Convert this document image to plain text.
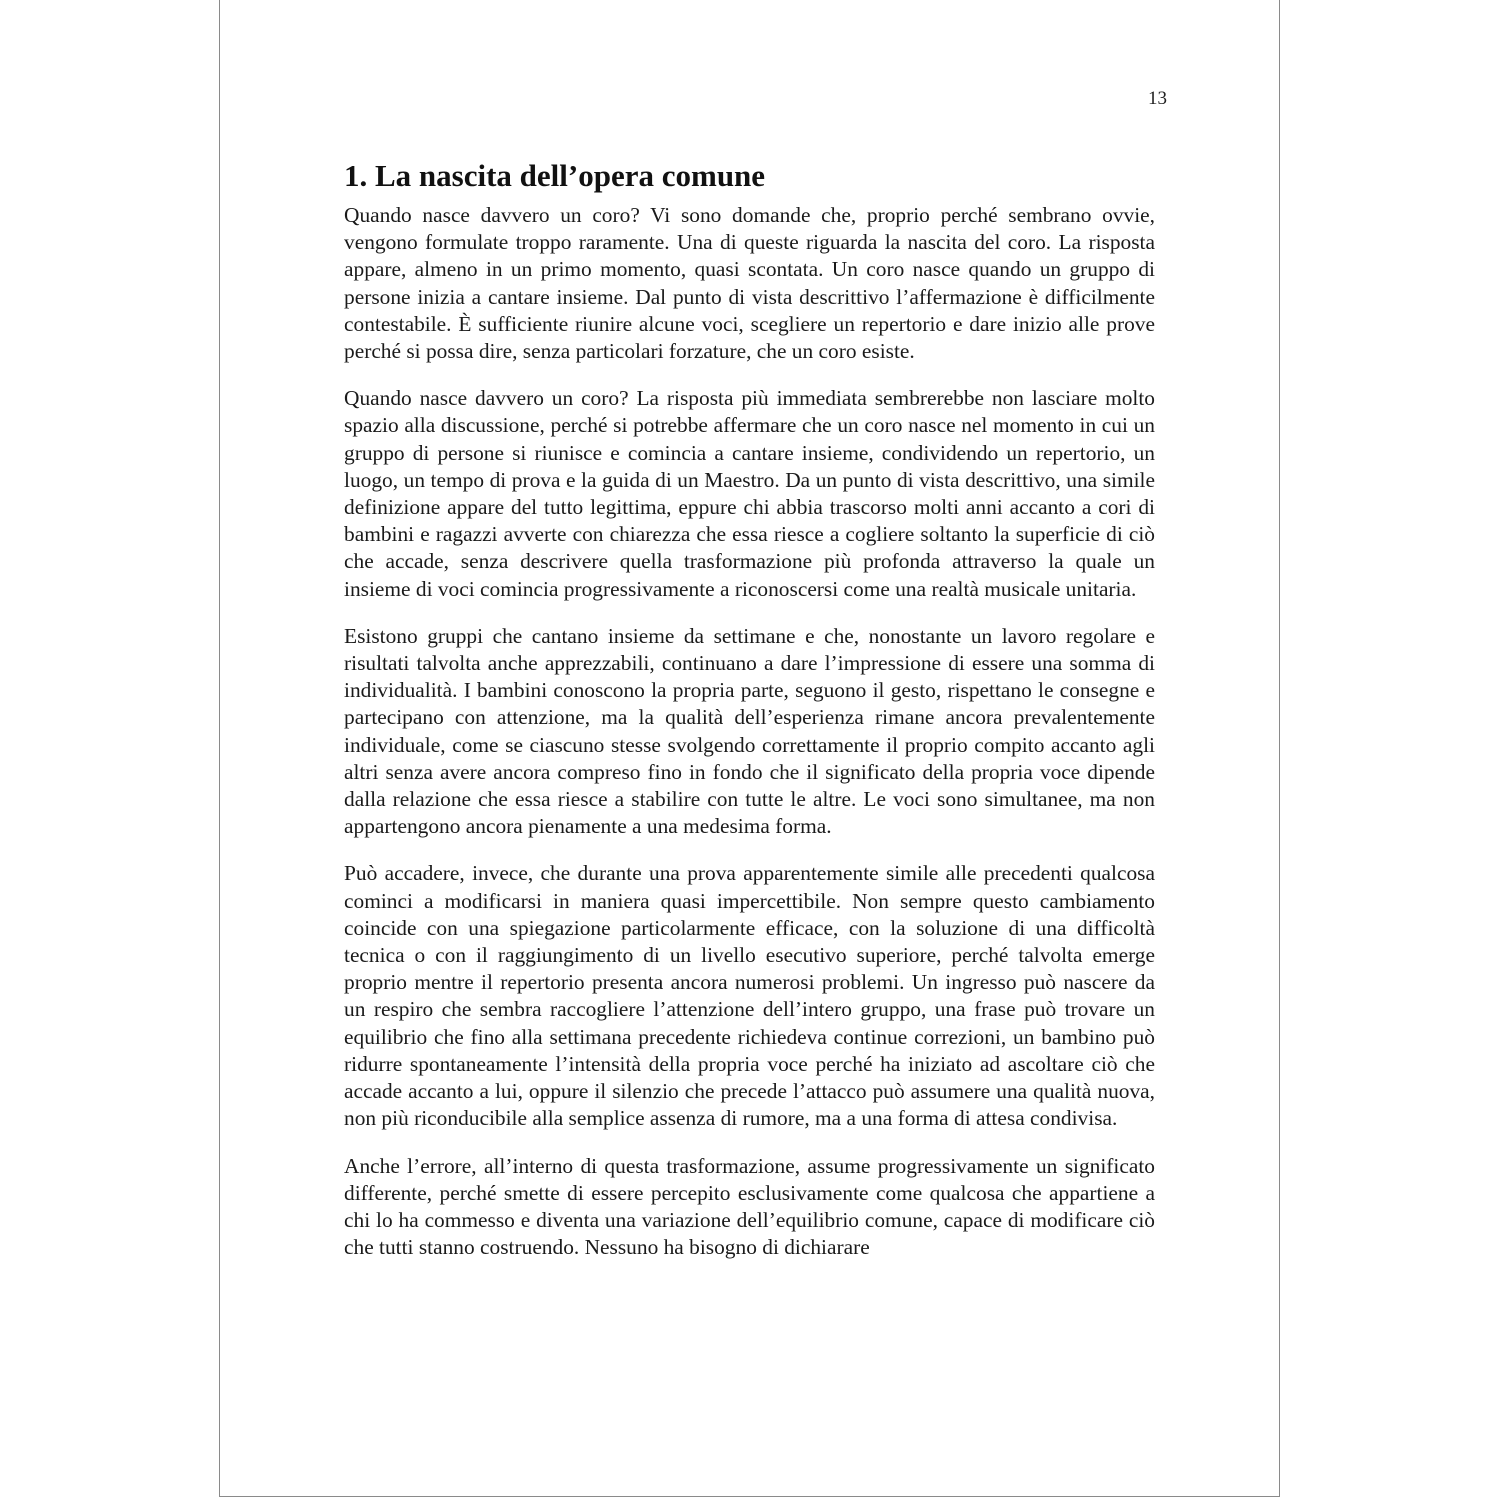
13

1. La nascita dell’opera comune

Quando nasce davvero un coro? Vi sono domande che, proprio perché sembrano ovvie, vengono formulate troppo raramente. Una di queste riguarda la nascita del coro. La risposta appare, almeno in un primo momento, quasi scontata. Un coro nasce quando un gruppo di persone inizia a cantare insieme. Dal punto di vista descrittivo l’affermazione è difficilmente contestabile. È sufficiente riunire alcune voci, scegliere un repertorio e dare inizio alle prove perché si possa dire, senza particolari forzature, che un coro esiste.

Quando nasce davvero un coro? La risposta più immediata sembrerebbe non lasciare molto spazio alla discussione, perché si potrebbe affermare che un coro nasce nel momento in cui un gruppo di persone si riunisce e comincia a cantare insieme, condividendo un repertorio, un luogo, un tempo di prova e la guida di un Maestro. Da un punto di vista descrittivo, una simile definizione appare del tutto legittima, eppure chi abbia trascorso molti anni accanto a cori di bambini e ragazzi avverte con chiarezza che essa riesce a cogliere soltanto la superficie di ciò che accade, senza descrivere quella trasformazione più profonda attraverso la quale un insieme di voci comincia progressivamente a riconoscersi come una realtà musicale unitaria.

Esistono gruppi che cantano insieme da settimane e che, nonostante un lavoro regolare e risultati talvolta anche apprezzabili, continuano a dare l’impressione di essere una somma di individualità. I bambini conoscono la propria parte, seguono il gesto, rispettano le consegne e partecipano con attenzione, ma la qualità dell’esperienza rimane ancora prevalentemente individuale, come se ciascuno stesse svolgendo correttamente il proprio compito accanto agli altri senza avere ancora compreso fino in fondo che il significato della propria voce dipende dalla relazione che essa riesce a stabilire con tutte le altre. Le voci sono simultanee, ma non appartengono ancora pienamente a una medesima forma.

Può accadere, invece, che durante una prova apparentemente simile alle precedenti qualcosa cominci a modificarsi in maniera quasi impercettibile. Non sempre questo cambiamento coincide con una spiegazione particolarmente efficace, con la soluzione di una difficoltà tecnica o con il raggiungimento di un livello esecutivo superiore, perché talvolta emerge proprio mentre il repertorio presenta ancora numerosi problemi. Un ingresso può nascere da un respiro che sembra raccogliere l’attenzione dell’intero gruppo, una frase può trovare un equilibrio che fino alla settimana precedente richiedeva continue correzioni, un bambino può ridurre spontaneamente l’intensità della propria voce perché ha iniziato ad ascoltare ciò che accade accanto a lui, oppure il silenzio che precede l’attacco può assumere una qualità nuova, non più riconducibile alla semplice assenza di rumore, ma a una forma di attesa condivisa.

Anche l’errore, all’interno di questa trasformazione, assume progressivamente un significato differente, perché smette di essere percepito esclusivamente come qualcosa che appartiene a chi lo ha commesso e diventa una variazione dell’equilibrio comune, capace di modificare ciò che tutti stanno costruendo. Nessuno ha bisogno di dichiarare
